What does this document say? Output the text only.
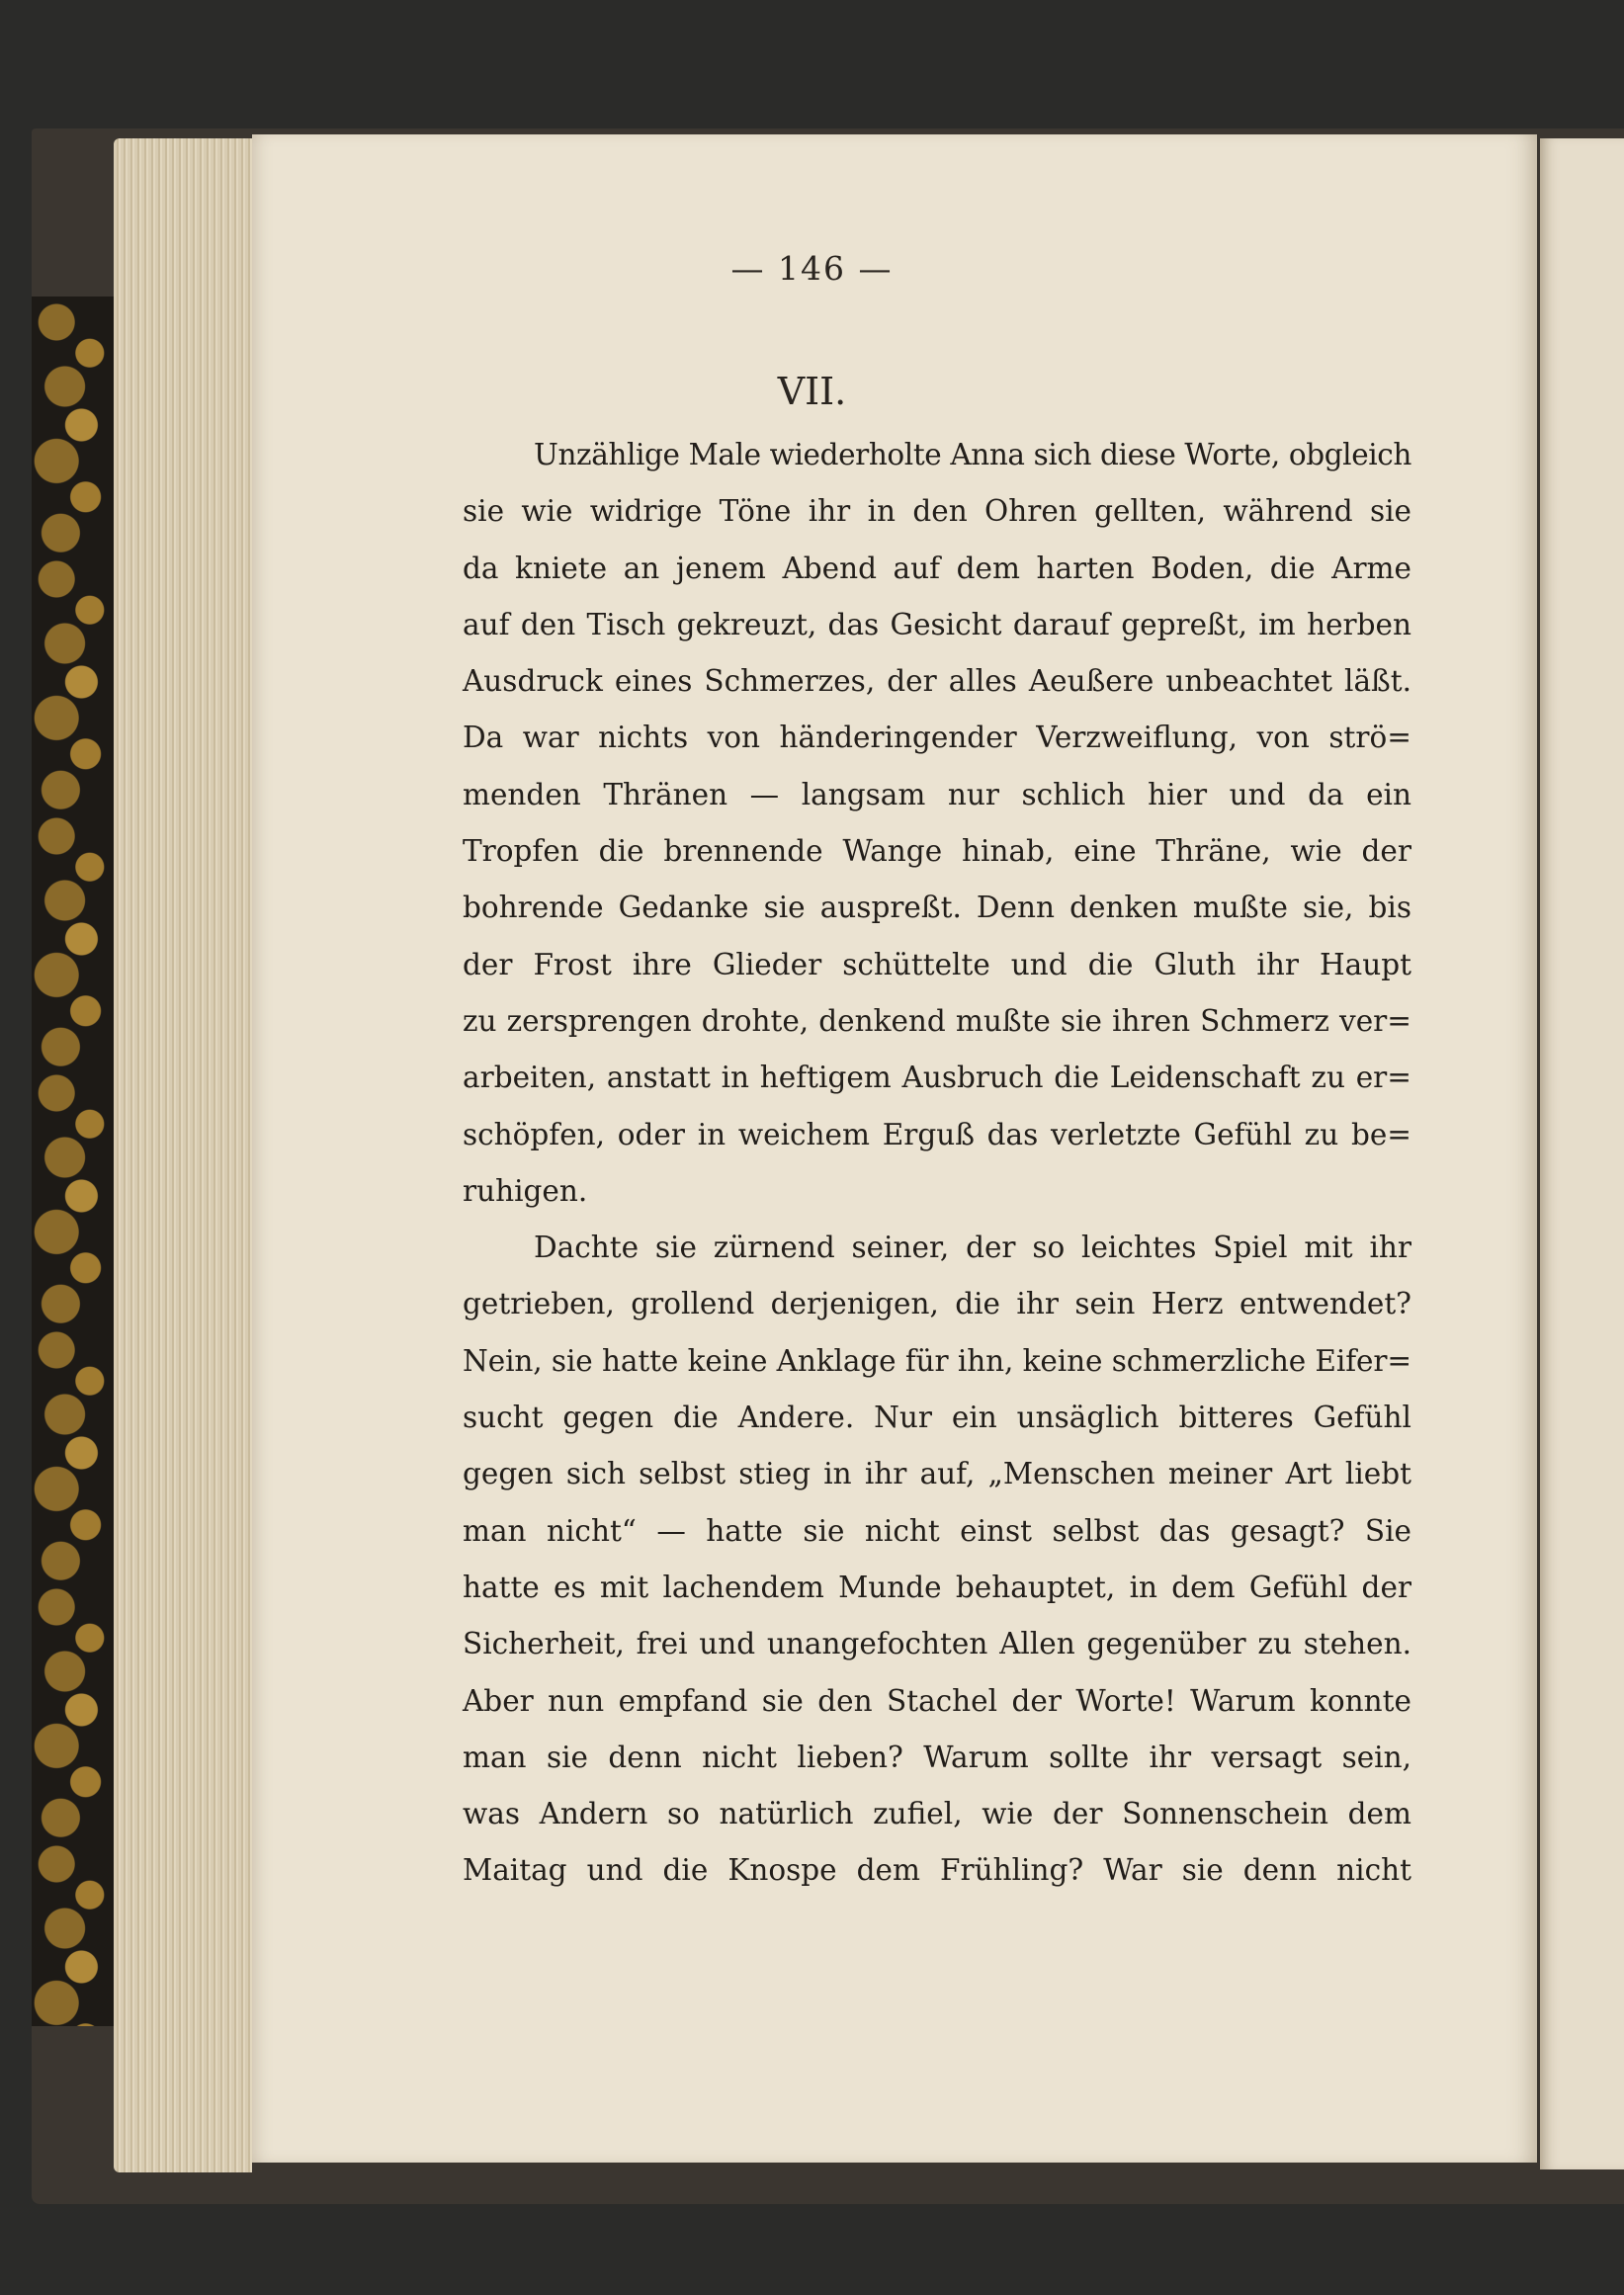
— 146 —
VII.

Unzählige Male wiederholte Anna sich diese Worte, obgleich

sie wie widrige Töne ihr in den Ohren gellten, während sie

da kniete an jenem Abend auf dem harten Boden, die Arme

auf den Tisch gekreuzt, das Gesicht darauf gepreßt, im herben

Ausdruck eines Schmerzes, der alles Aeußere unbeachtet läßt.

Da war nichts von händeringender Verzweiflung, von strö=

menden Thränen — langsam nur schlich hier und da ein

Tropfen die brennende Wange hinab, eine Thräne, wie der

bohrende Gedanke sie auspreßt. Denn denken mußte sie, bis

der Frost ihre Glieder schüttelte und die Gluth ihr Haupt

zu zersprengen drohte, denkend mußte sie ihren Schmerz ver=

arbeiten, anstatt in heftigem Ausbruch die Leidenschaft zu er=

schöpfen, oder in weichem Erguß das verletzte Gefühl zu be=

ruhigen.

Dachte sie zürnend seiner, der so leichtes Spiel mit ihr

getrieben, grollend derjenigen, die ihr sein Herz entwendet?

Nein, sie hatte keine Anklage für ihn, keine schmerzliche Eifer=

sucht gegen die Andere. Nur ein unsäglich bitteres Gefühl

gegen sich selbst stieg in ihr auf, „Menschen meiner Art liebt

man nicht“ — hatte sie nicht einst selbst das gesagt? Sie

hatte es mit lachendem Munde behauptet, in dem Gefühl der

Sicherheit, frei und unangefochten Allen gegenüber zu stehen.

Aber nun empfand sie den Stachel der Worte! Warum konnte

man sie denn nicht lieben? Warum sollte ihr versagt sein,

was Andern so natürlich zufiel, wie der Sonnenschein dem

Maitag und die Knospe dem Frühling? War sie denn nicht
